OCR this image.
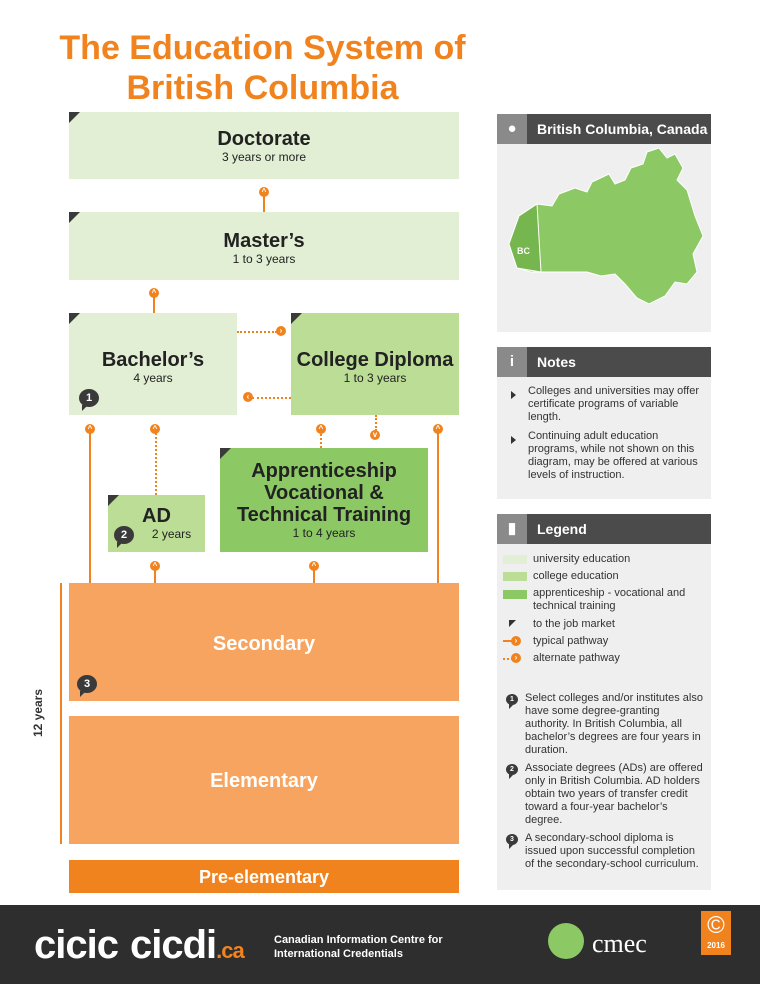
The Education System of
British Columbia
Doctorate
3 years or more
^
Master’s
1 to 3 years
^
Bachelor’s
4 years
1
College Diploma
1 to 3 years
›
‹
^	^	^
v
^
AD
2 years
2
Apprenticeship
Vocational &
Technical Training
1 to 4 years
^	^
Secondary
3
Elementary
12 years
Pre-elementary
●	British Columbia, Canada
BC
i	Notes
Colleges and universities may offer certificate programs of variable length.
Continuing adult education programs, while not shown on this diagram, may be offered at various levels of instruction.
▮	Legend
university education
college education
apprenticeship - vocational and technical training
to the job market
›	typical pathway
›	alternate pathway
1	Select colleges and/or institutes also have some degree-granting authority. In British Columbia, all bachelor’s degrees are four years in duration.
2	Associate degrees (ADs) are offered only in British Columbia. AD holders obtain two years of transfer credit toward a four-year bachelor’s degree.
3	A secondary-school diploma is issued upon successful completion of the secondary-school curriculum.
cicic cicdi.ca	Canadian Information Centre for
International Credentials	cmec
©
2016
